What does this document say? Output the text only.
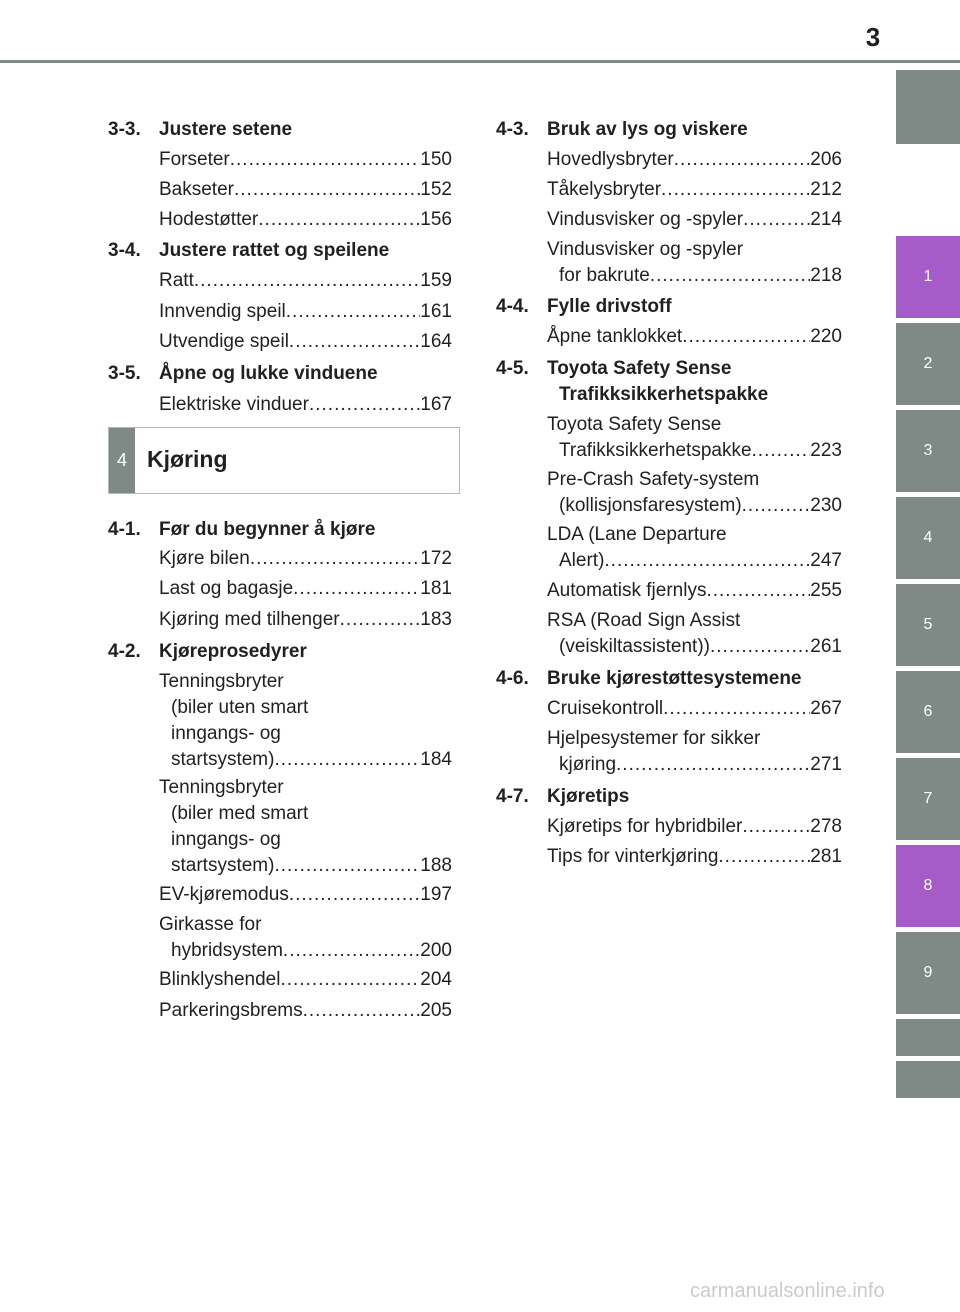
3
1
2
3
4
5
6
7
8
9
3-3. Justere setene
Forseter .....	150
Bakseter .....	152
Hodestøtter .....	156
3-4. Justere rattet og speilene
Ratt .....	159
Innvendig speil .....	161
Utvendige speil .....	164
3-5. Åpne og lukke vinduene
Elektriske vinduer .....	167
4-1. Før du begynner å kjøre
Kjøre bilen .....	172
Last og bagasje .....	181
Kjøring med tilhenger .....	183
4-2. Kjøreprosedyrer
Tenningsbryter
(biler uten smart
inngangs- og
startsystem) .....	184
Tenningsbryter
(biler med smart
inngangs- og
startsystem) .....	188
EV-kjøremodus .....	197
Girkasse for
hybridsystem .....	200
Blinklyshendel .....	204
Parkeringsbrems .....	205
4 Kjøring
4-3. Bruk av lys og viskere
Hovedlysbryter .....	206
Tåkelysbryter .....	212
Vindusvisker og -spyler .....	214
Vindusvisker og -spyler
for bakrute .....	218
4-4. Fylle drivstoff
Åpne tanklokket .....	220
4-5. Toyota Safety Sense
Trafikksikkerhetspakke
Toyota Safety Sense
Trafikksikkerhetspakke .....	223
Pre-Crash Safety-system
(kollisjonsfaresystem) .....	230
LDA (Lane Departure
Alert) .....	247
Automatisk fjernlys .....	255
RSA (Road Sign Assist
(veiskiltassistent)) .....	261
4-6. Bruke kjørestøttesystemene
Cruisekontroll .....	267
Hjelpesystemer for sikker
kjøring .....	271
4-7. Kjøretips
Kjøretips for hybridbiler .....	278
Tips for vinterkjøring .....	281
carmanualsonline.info
